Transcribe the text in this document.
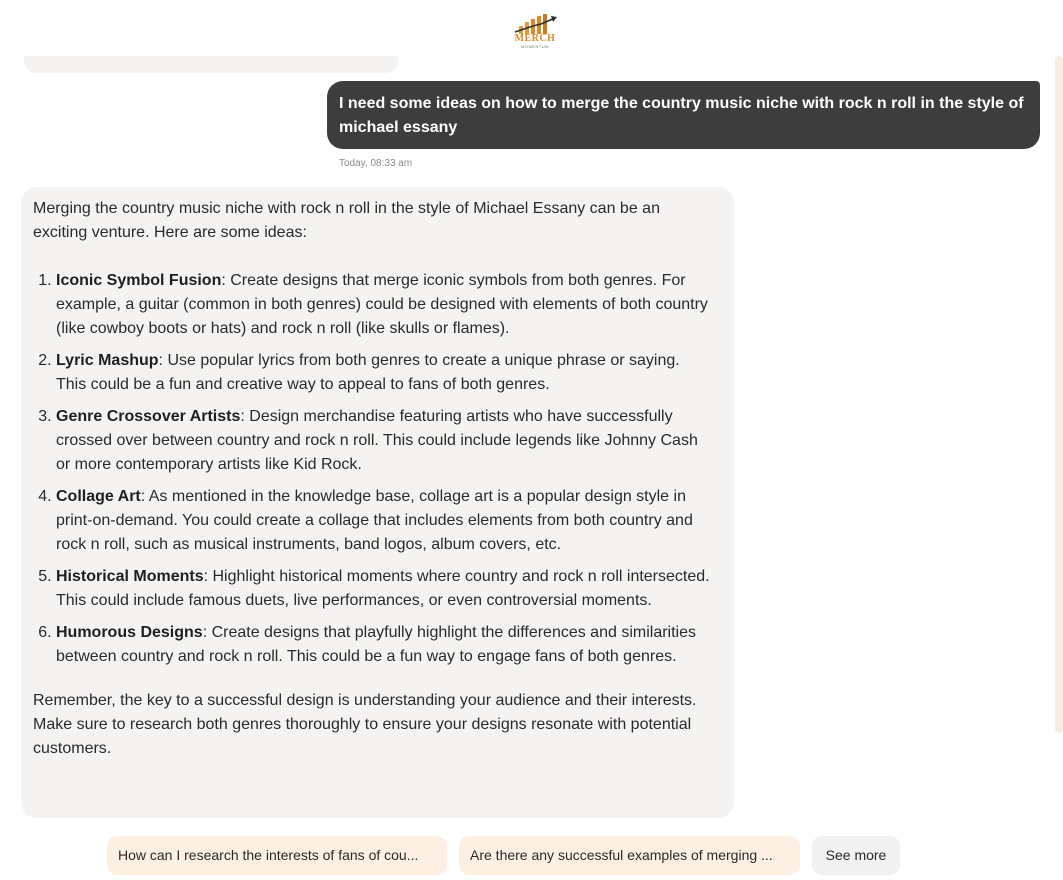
MERCH
MOMENTUM
I need some ideas on how to merge the country music niche with rock n roll in the style of michael essany
Today, 08:33 am

Merging the country music niche with rock n roll in the style of Michael Essany can be an exciting venture. Here are some ideas:

1. Iconic Symbol Fusion: Create designs that merge iconic symbols from both genres. For example, a guitar (common in both genres) could be designed with elements of both country (like cowboy boots or hats) and rock n roll (like skulls or flames).
2. Lyric Mashup: Use popular lyrics from both genres to create a unique phrase or saying. This could be a fun and creative way to appeal to fans of both genres.
3. Genre Crossover Artists: Design merchandise featuring artists who have successfully crossed over between country and rock n roll. This could include legends like Johnny Cash or more contemporary artists like Kid Rock.
4. Collage Art: As mentioned in the knowledge base, collage art is a popular design style in print-on-demand. You could create a collage that includes elements from both country and rock n roll, such as musical instruments, band logos, album covers, etc.
5. Historical Moments: Highlight historical moments where country and rock n roll intersected. This could include famous duets, live performances, or even controversial moments.
6. Humorous Designs: Create designs that playfully highlight the differences and similarities between country and rock n roll. This could be a fun way to engage fans of both genres.

Remember, the key to a successful design is understanding your audience and their interests. Make sure to research both genres thoroughly to ensure your designs resonate with potential customers.

How can I research the interests of fans of cou...	Are there any successful examples of merging ...	See more
